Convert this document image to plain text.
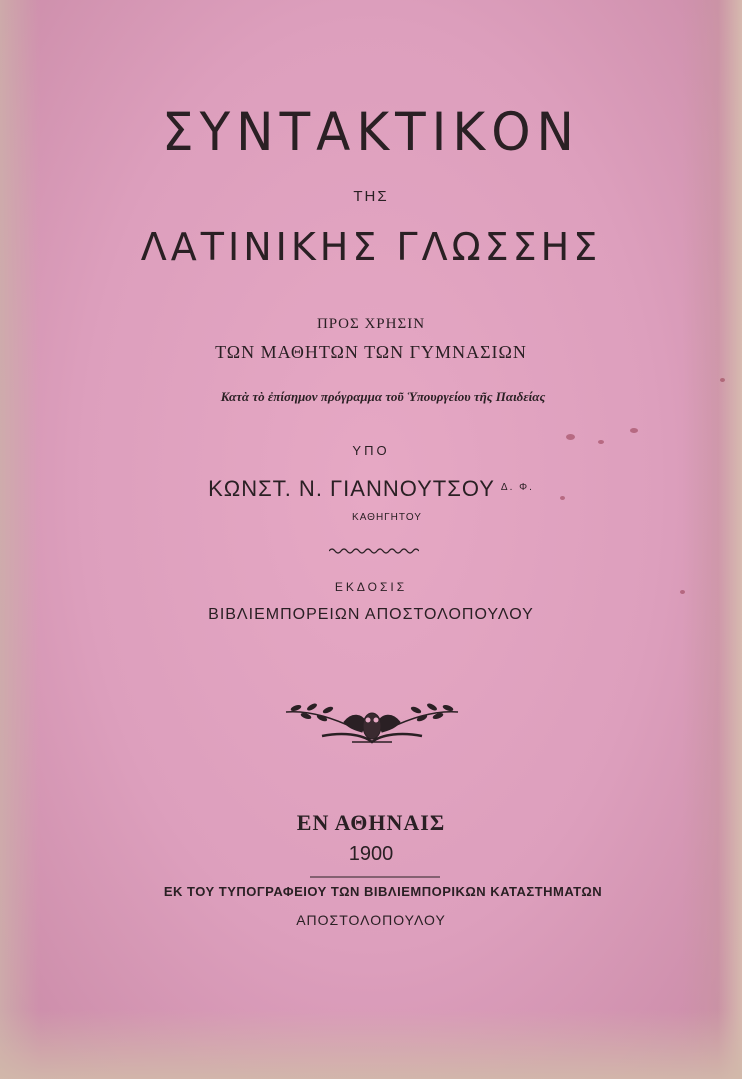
ΣΥΝΤΑΚΤΙΚΟΝ
ΤΗΣ
ΛΑΤΙΝΙΚΗΣ ΓΛΩΣΣΗΣ
ΠΡΟΣ ΧΡΗΣΙΝ
ΤΩΝ ΜΑΘΗΤΩΝ ΤΩΝ ΓΥΜΝΑΣΙΩΝ
Κατὰ τὸ ἐπίσημον πρόγραμμα τοῦ Ὑπουργείου τῆς Παιδείας
ΥΠΟ
ΚΩΝΣΤ. Ν. ΓΙΑΝΝΟΥΤΣΟΥ $^{\Delta. \Phi.}$
ΚΑΘΗΓΗΤΟΥ
ΕΚΔΟΣΙΣ
ΒΙΒΛΙΕΜΠΟΡΕΙΩΝ ΑΠΟΣΤΟΛΟΠΟΥΛΟΥ
ΕΝ ΑΘΗΝΑΙΣ
1900
ΕΚ ΤΟΥ ΤΥΠΟΓΡΑΦΕΙΟΥ ΤΩΝ ΒΙΒΛΙΕΜΠΟΡΙΚΩΝ ΚΑΤΑΣΤΗΜΑΤΩΝ
ΑΠΟΣΤΟΛΟΠΟΥΛΟΥ
